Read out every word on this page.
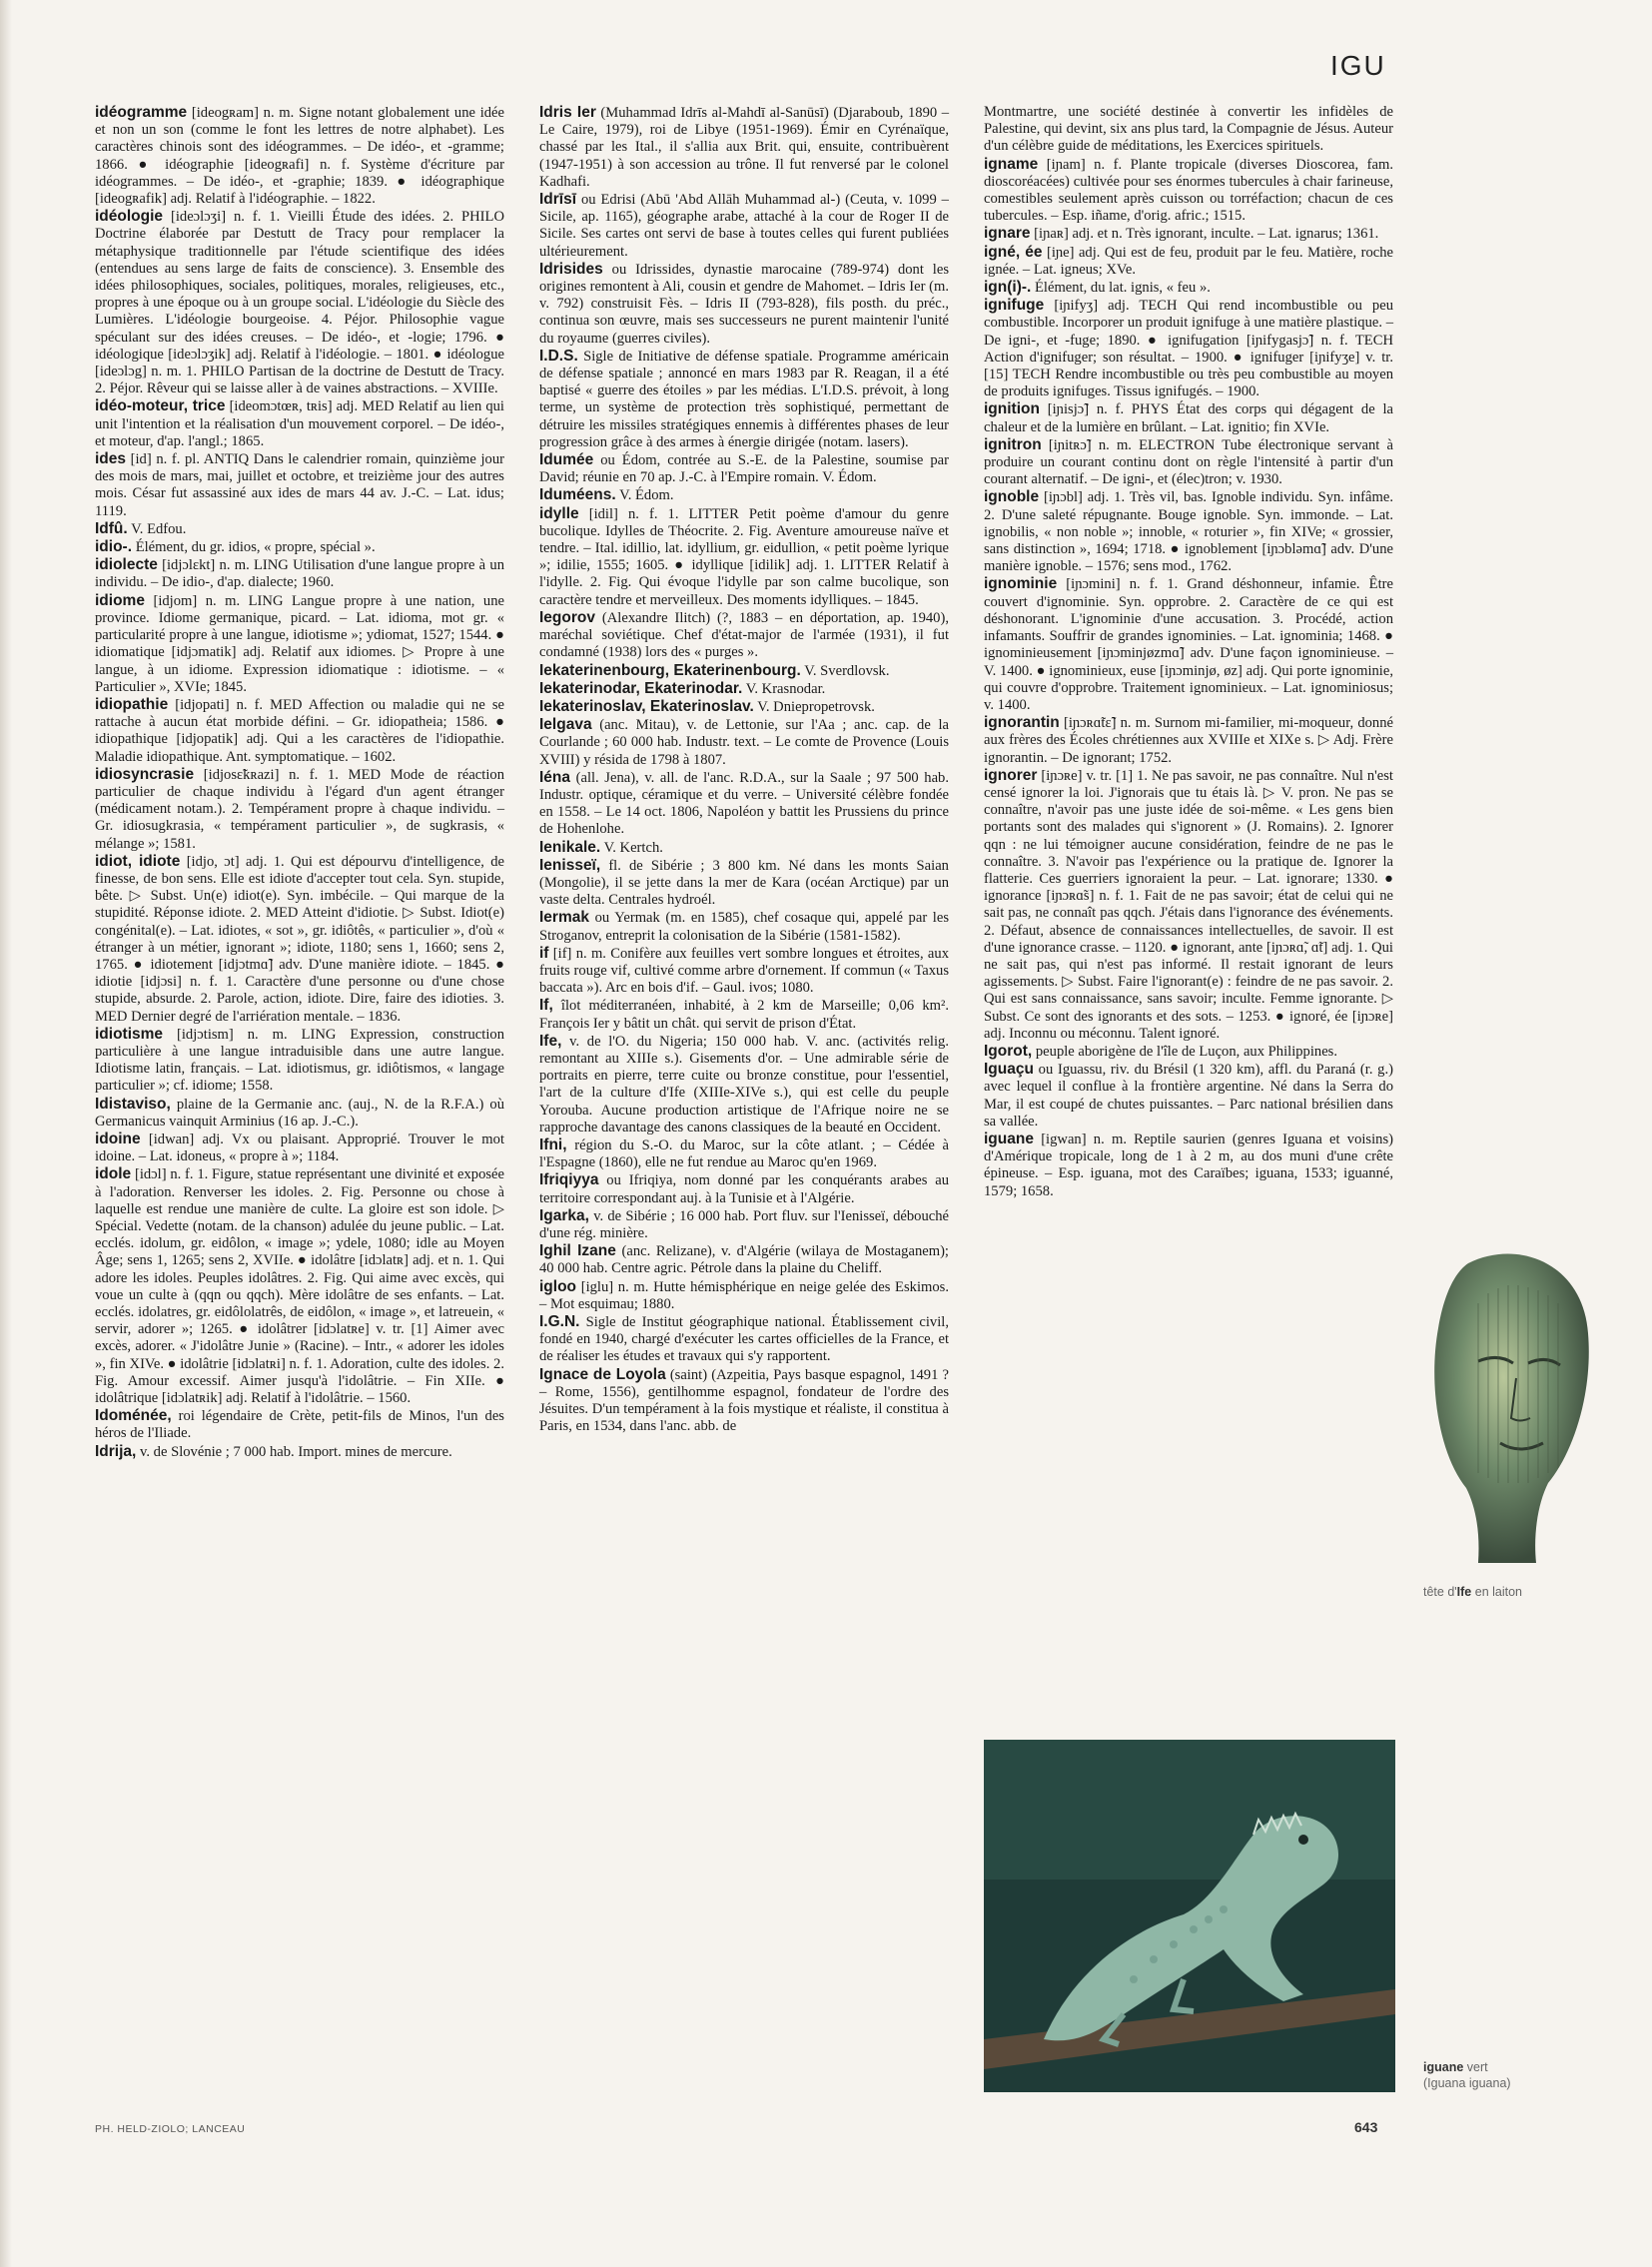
IGU

idéogramme [ideogʀam] n. m. Signe notant globalement une idée et non un son (comme le font les lettres de notre alphabet). Les caractères chinois sont des idéogrammes. – De idéo-, et -gramme; 1866. ● idéographie [ideogʀafi] n. f. Système d'écriture par idéogrammes. – De idéo-, et -graphie; 1839. ● idéographique [ideogʀafik] adj. Relatif à l'idéographie. – 1822.

idéologie [ideɔlɔʒi] n. f. 1. Vieilli Étude des idées. 2. PHILO Doctrine élaborée par Destutt de Tracy pour remplacer la métaphysique traditionnelle par l'étude scientifique des idées (entendues au sens large de faits de conscience). 3. Ensemble des idées philosophiques, sociales, politiques, morales, religieuses, etc., propres à une époque ou à un groupe social. L'idéologie du Siècle des Lumières. L'idéologie bourgeoise. 4. Péjor. Philosophie vague spéculant sur des idées creuses. – De idéo-, et -logie; 1796. ● idéologique [ideɔlɔʒik] adj. Relatif à l'idéologie. – 1801. ● idéologue [ideɔlɔg] n. m. 1. PHILO Partisan de la doctrine de Destutt de Tracy. 2. Péjor. Rêveur qui se laisse aller à de vaines abstractions. – XVIIIe.

idéo-moteur, trice [ideomɔtœʀ, tʀis] adj. MED Relatif au lien qui unit l'intention et la réalisation d'un mouvement corporel. – De idéo-, et moteur, d'ap. l'angl.; 1865.

ides [id] n. f. pl. ANTIQ Dans le calendrier romain, quinzième jour des mois de mars, mai, juillet et octobre, et treizième jour des autres mois. César fut assassiné aux ides de mars 44 av. J.-C. – Lat. idus; 1119.

Idfû. V. Edfou.

idio-. Élément, du gr. idios, « propre, spécial ».

idiolecte [idjɔlɛkt] n. m. LING Utilisation d'une langue propre à un individu. – De idio-, d'ap. dialecte; 1960.

idiome [idjom] n. m. LING Langue propre à une nation, une province. Idiome germanique, picard. – Lat. idioma, mot gr. « particularité propre à une langue, idiotisme »; ydiomat, 1527; 1544. ● idiomatique [idjɔmatik] adj. Relatif aux idiomes. ▷ Propre à une langue, à un idiome. Expression idiomatique : idiotisme. – « Particulier », XVIe; 1845.

idiopathie [idjopati] n. f. MED Affection ou maladie qui ne se rattache à aucun état morbide défini. – Gr. idiopatheia; 1586. ● idiopathique [idjopatik] adj. Qui a les caractères de l'idiopathie. Maladie idiopathique. Ant. symptomatique. – 1602.

idiosyncrasie [idjosɛ̃kʀazi] n. f. 1. MED Mode de réaction particulier de chaque individu à l'égard d'un agent étranger (médicament notam.). 2. Tempérament propre à chaque individu. – Gr. idiosugkrasia, « tempérament particulier », de sugkrasis, « mélange »; 1581.

idiot, idiote [idjo, ɔt] adj. 1. Qui est dépourvu d'intelligence, de finesse, de bon sens. Elle est idiote d'accepter tout cela. Syn. stupide, bête. ▷ Subst. Un(e) idiot(e). Syn. imbécile. – Qui marque de la stupidité. Réponse idiote. 2. MED Atteint d'idiotie. ▷ Subst. Idiot(e) congénital(e). – Lat. idiotes, « sot », gr. idiôtês, « particulier », d'où « étranger à un métier, ignorant »; idiote, 1180; sens 1, 1660; sens 2, 1765. ● idiotement [idjɔtmɑ̃] adv. D'une manière idiote. – 1845. ● idiotie [idjɔsi] n. f. 1. Caractère d'une personne ou d'une chose stupide, absurde. 2. Parole, action, idiote. Dire, faire des idioties. 3. MED Dernier degré de l'arriération mentale. – 1836.

idiotisme [idjɔtism] n. m. LING Expression, construction particulière à une langue intraduisible dans une autre langue. Idiotisme latin, français. – Lat. idiotismus, gr. idiôtismos, « langage particulier »; cf. idiome; 1558.

Idistaviso, plaine de la Germanie anc. (auj., N. de la R.F.A.) où Germanicus vainquit Arminius (16 ap. J.-C.).

idoine [idwan] adj. Vx ou plaisant. Approprié. Trouver le mot idoine. – Lat. idoneus, « propre à »; 1184.

idole [idɔl] n. f. 1. Figure, statue représentant une divinité et exposée à l'adoration. Renverser les idoles. 2. Fig. Personne ou chose à laquelle est rendue une manière de culte. La gloire est son idole. ▷ Spécial. Vedette (notam. de la chanson) adulée du jeune public. – Lat. ecclés. idolum, gr. eidôlon, « image »; ydele, 1080; idle au Moyen Âge; sens 1, 1265; sens 2, XVIIe. ● idolâtre [idɔlatʀ] adj. et n. 1. Qui adore les idoles. Peuples idolâtres. 2. Fig. Qui aime avec excès, qui voue un culte à (qqn ou qqch). Mère idolâtre de ses enfants. – Lat. ecclés. idolatres, gr. eidôlolatrês, de eidôlon, « image », et latreuein, « servir, adorer »; 1265. ● idolâtrer [idɔlatʀe] v. tr. [1] Aimer avec excès, adorer. « J'idolâtre Junie » (Racine). – Intr., « adorer les idoles », fin XIVe. ● idolâtrie [idɔlatʀi] n. f. 1. Adoration, culte des idoles. 2. Fig. Amour excessif. Aimer jusqu'à l'idolâtrie. – Fin XIIe. ● idolâtrique [idɔlatʀik] adj. Relatif à l'idolâtrie. – 1560.

Idoménée, roi légendaire de Crète, petit-fils de Minos, l'un des héros de l'Iliade.

Idrija, v. de Slovénie ; 7 000 hab. Import. mines de mercure.

Idris Ier (Muhammad Idrīs al-Mahdī al-Sanūsī) (Djaraboub, 1890 – Le Caire, 1979), roi de Libye (1951-1969). Émir en Cyrénaïque, chassé par les Ital., il s'allia aux Brit. qui, ensuite, contribuèrent (1947-1951) à son accession au trône. Il fut renversé par le colonel Kadhafi.

Idrīsī ou Edrisi (Abū 'Abd Allāh Muhammad al-) (Ceuta, v. 1099 – Sicile, ap. 1165), géographe arabe, attaché à la cour de Roger II de Sicile. Ses cartes ont servi de base à toutes celles qui furent publiées ultérieurement.

Idrisides ou Idrissides, dynastie marocaine (789-974) dont les origines remontent à Ali, cousin et gendre de Mahomet. – Idris Ier (m. v. 792) construisit Fès. – Idris II (793-828), fils posth. du préc., continua son œuvre, mais ses successeurs ne purent maintenir l'unité du royaume (guerres civiles).

I.D.S. Sigle de Initiative de défense spatiale. Programme américain de défense spatiale ; annoncé en mars 1983 par R. Reagan, il a été baptisé « guerre des étoiles » par les médias. L'I.D.S. prévoit, à long terme, un système de protection très sophistiqué, permettant de détruire les missiles stratégiques ennemis à différentes phases de leur progression grâce à des armes à énergie dirigée (notam. lasers).

Idumée ou Édom, contrée au S.-E. de la Palestine, soumise par David; réunie en 70 ap. J.-C. à l'Empire romain. V. Édom.

Iduméens. V. Édom.

idylle [idil] n. f. 1. LITTER Petit poème d'amour du genre bucolique. Idylles de Théocrite. 2. Fig. Aventure amoureuse naïve et tendre. – Ital. idillio, lat. idyllium, gr. eidullion, « petit poème lyrique »; idilie, 1555; 1605. ● idyllique [idilik] adj. 1. LITTER Relatif à l'idylle. 2. Fig. Qui évoque l'idylle par son calme bucolique, son caractère tendre et merveilleux. Des moments idylliques. – 1845.

Iegorov (Alexandre Ilitch) (?, 1883 – en déportation, ap. 1940), maréchal soviétique. Chef d'état-major de l'armée (1931), il fut condamné (1938) lors des « purges ».

Iekaterinenbourg, Ekaterinenbourg. V. Sverdlovsk.

Iekaterinodar, Ekaterinodar. V. Krasnodar.

Iekaterinoslav, Ekaterinoslav. V. Dniepropetrovsk.

Ielgava (anc. Mitau), v. de Lettonie, sur l'Aa ; anc. cap. de la Courlande ; 60 000 hab. Industr. text. – Le comte de Provence (Louis XVIII) y résida de 1798 à 1807.

Iéna (all. Jena), v. all. de l'anc. R.D.A., sur la Saale ; 97 500 hab. Industr. optique, céramique et du verre. – Université célèbre fondée en 1558. – Le 14 oct. 1806, Napoléon y battit les Prussiens du prince de Hohenlohe.

Ienikale. V. Kertch.

Ienisseï, fl. de Sibérie ; 3 800 km. Né dans les monts Saian (Mongolie), il se jette dans la mer de Kara (océan Arctique) par un vaste delta. Centrales hydroél.

Iermak ou Yermak (m. en 1585), chef cosaque qui, appelé par les Stroganov, entreprit la colonisation de la Sibérie (1581-1582).

if [if] n. m. Conifère aux feuilles vert sombre longues et étroites, aux fruits rouge vif, cultivé comme arbre d'ornement. If commun (« Taxus baccata »). Arc en bois d'if. – Gaul. ivos; 1080.

If, îlot méditerranéen, inhabité, à 2 km de Marseille; 0,06 km². François Ier y bâtit un chât. qui servit de prison d'État.

Ife, v. de l'O. du Nigeria; 150 000 hab. V. anc. (activités relig. remontant au XIIIe s.). Gisements d'or. – Une admirable série de portraits en pierre, terre cuite ou bronze constitue, pour l'essentiel, l'art de la culture d'Ife (XIIIe-XIVe s.), qui est celle du peuple Yorouba. Aucune production artistique de l'Afrique noire ne se rapproche davantage des canons classiques de la beauté en Occident.

Ifni, région du S.-O. du Maroc, sur la côte atlant. ; – Cédée à l'Espagne (1860), elle ne fut rendue au Maroc qu'en 1969.

Ifriqiyya ou Ifriqiya, nom donné par les conquérants arabes au territoire correspondant auj. à la Tunisie et à l'Algérie.

Igarka, v. de Sibérie ; 16 000 hab. Port fluv. sur l'Ienisseï, débouché d'une rég. minière.

Ighil Izane (anc. Relizane), v. d'Algérie (wilaya de Mostaganem); 40 000 hab. Centre agric. Pétrole dans la plaine du Cheliff.

igloo [iglu] n. m. Hutte hémisphérique en neige gelée des Eskimos. – Mot esquimau; 1880.

I.G.N. Sigle de Institut géographique national. Établissement civil, fondé en 1940, chargé d'exécuter les cartes officielles de la France, et de réaliser les études et travaux qui s'y rapportent.

Ignace de Loyola (saint) (Azpeitia, Pays basque espagnol, 1491 ? – Rome, 1556), gentilhomme espagnol, fondateur de l'ordre des Jésuites. D'un tempérament à la fois mystique et réaliste, il constitua à Paris, en 1534, dans l'anc. abb. de

Montmartre, une société destinée à convertir les infidèles de Palestine, qui devint, six ans plus tard, la Compagnie de Jésus. Auteur d'un célèbre guide de méditations, les Exercices spirituels.

igname [iɲam] n. f. Plante tropicale (diverses Dioscorea, fam. dioscoréacées) cultivée pour ses énormes tubercules à chair farineuse, comestibles seulement après cuisson ou torréfaction; chacun de ces tubercules. – Esp. iñame, d'orig. afric.; 1515.

ignare [iɲaʀ] adj. et n. Très ignorant, inculte. – Lat. ignarus; 1361.

igné, ée [iɲe] adj. Qui est de feu, produit par le feu. Matière, roche ignée. – Lat. igneus; XVe.

ign(i)-. Élément, du lat. ignis, « feu ».

ignifuge [iɲifyʒ] adj. TECH Qui rend incombustible ou peu combustible. Incorporer un produit ignifuge à une matière plastique. – De igni-, et -fuge; 1890. ● ignifugation [iɲifygasjɔ̃] n. f. TECH Action d'ignifuger; son résultat. – 1900. ● ignifuger [iɲifyʒe] v. tr. [15] TECH Rendre incombustible ou très peu combustible au moyen de produits ignifuges. Tissus ignifugés. – 1900.

ignition [iɲisjɔ̃] n. f. PHYS État des corps qui dégagent de la chaleur et de la lumière en brûlant. – Lat. ignitio; fin XVIe.

ignitron [iɲitʀɔ̃] n. m. ELECTRON Tube électronique servant à produire un courant continu dont on règle l'intensité à partir d'un courant alternatif. – De igni-, et (élec)tron; v. 1930.

ignoble [iɲɔbl] adj. 1. Très vil, bas. Ignoble individu. Syn. infâme. 2. D'une saleté répugnante. Bouge ignoble. Syn. immonde. – Lat. ignobilis, « non noble »; innoble, « roturier », fin XIVe; « grossier, sans distinction », 1694; 1718. ● ignoblement [iɲɔbləmɑ̃] adv. D'une manière ignoble. – 1576; sens mod., 1762.

ignominie [iɲɔmini] n. f. 1. Grand déshonneur, infamie. Être couvert d'ignominie. Syn. opprobre. 2. Caractère de ce qui est déshonorant. L'ignominie d'une accusation. 3. Procédé, action infamants. Souffrir de grandes ignominies. – Lat. ignominia; 1468. ● ignominieusement [iɲɔminjøzmɑ̃] adv. D'une façon ignominieuse. – V. 1400. ● ignominieux, euse [iɲɔminjø, øz] adj. Qui porte ignominie, qui couvre d'opprobre. Traitement ignominieux. – Lat. ignominiosus; v. 1400.

ignorantin [iɲɔʀɑ̃tɛ̃] n. m. Surnom mi-familier, mi-moqueur, donné aux frères des Écoles chrétiennes aux XVIIIe et XIXe s. ▷ Adj. Frère ignorantin. – De ignorant; 1752.

ignorer [iɲɔʀe] v. tr. [1] 1. Ne pas savoir, ne pas connaître. Nul n'est censé ignorer la loi. J'ignorais que tu étais là. ▷ V. pron. Ne pas se connaître, n'avoir pas une juste idée de soi-même. « Les gens bien portants sont des malades qui s'ignorent » (J. Romains). 2. Ignorer qqn : ne lui témoigner aucune considération, feindre de ne pas le connaître. 3. N'avoir pas l'expérience ou la pratique de. Ignorer la flatterie. Ces guerriers ignoraient la peur. – Lat. ignorare; 1330. ● ignorance [iɲɔʀɑ̃s] n. f. 1. Fait de ne pas savoir; état de celui qui ne sait pas, ne connaît pas qqch. J'étais dans l'ignorance des événements. 2. Défaut, absence de connaissances intellectuelles, de savoir. Il est d'une ignorance crasse. – 1120. ● ignorant, ante [iɲɔʀɑ̃, ɑ̃t] adj. 1. Qui ne sait pas, qui n'est pas informé. Il restait ignorant de leurs agissements. ▷ Subst. Faire l'ignorant(e) : feindre de ne pas savoir. 2. Qui est sans connaissance, sans savoir; inculte. Femme ignorante. ▷ Subst. Ce sont des ignorants et des sots. – 1253. ● ignoré, ée [iɲɔʀe] adj. Inconnu ou méconnu. Talent ignoré.

Igorot, peuple aborigène de l'île de Luçon, aux Philippines.

Iguaçu ou Iguassu, riv. du Brésil (1 320 km), affl. du Paraná (r. g.) avec lequel il conflue à la frontière argentine. Né dans la Serra do Mar, il est coupé de chutes puissantes. – Parc national brésilien dans sa vallée.

iguane [igwan] n. m. Reptile saurien (genres Iguana et voisins) d'Amérique tropicale, long de 1 à 2 m, au dos muni d'une crête épineuse. – Esp. iguana, mot des Caraïbes; iguana, 1533; iguanné, 1579; 1658.

tête d'Ife en laiton
iguane vert
(Iguana iguana)
PH. HELD-ZIOLO; LANCEAU	643
